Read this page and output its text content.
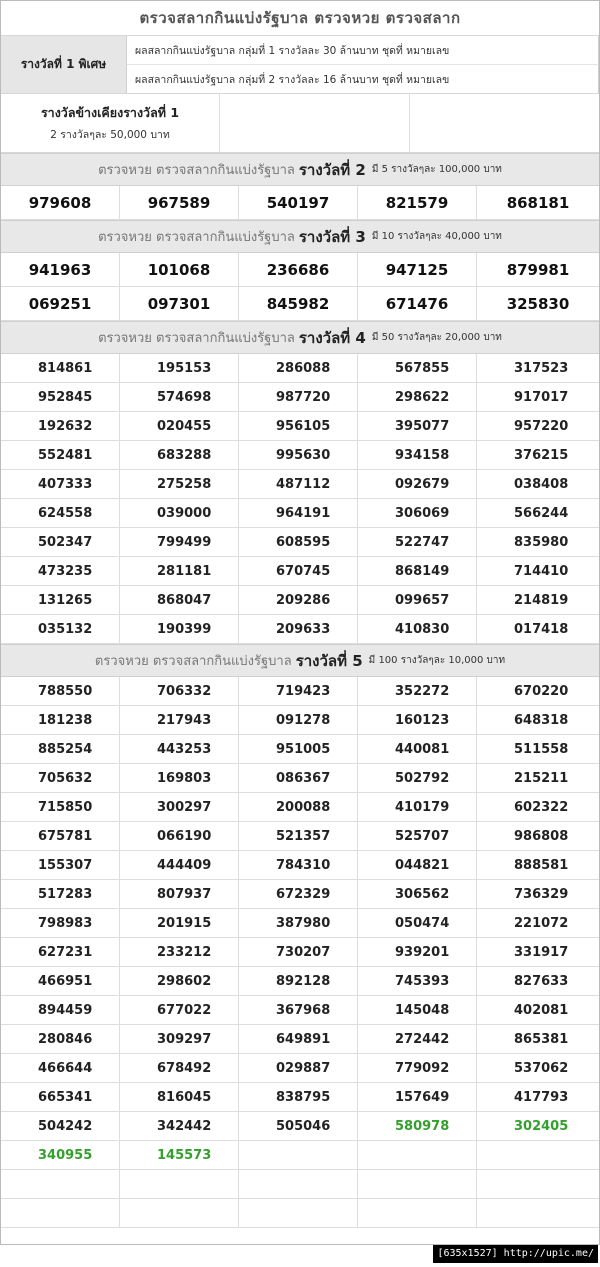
ตรวจสลากกินแบ่งรัฐบาล ตรวจหวย ตรวจสลาก
รางวัลที่ 1 พิเศษ
ผลสลากกินแบ่งรัฐบาล กลุ่มที่ 1 รางวัลละ 30 ล้านบาท ชุดที่ หมายเลข
ผลสลากกินแบ่งรัฐบาล กลุ่มที่ 2 รางวัลละ 16 ล้านบาท ชุดที่ หมายเลข
รางวัลข้างเคียงรางวัลที่ 1
2 รางวัลๆละ 50,000 บาท
ตรวจหวย ตรวจสลากกินแบ่งรัฐบาล รางวัลที่ 2 มี 5 รางวัลๆละ 100,000 บาท
979608	967589	540197	821579	868181
ตรวจหวย ตรวจสลากกินแบ่งรัฐบาล รางวัลที่ 3 มี 10 รางวัลๆละ 40,000 บาท
941963	101068	236686	947125	879981
069251	097301	845982	671476	325830
ตรวจหวย ตรวจสลากกินแบ่งรัฐบาล รางวัลที่ 4 มี 50 รางวัลๆละ 20,000 บาท
814861	195153	286088	567855	317523
952845	574698	987720	298622	917017
192632	020455	956105	395077	957220
552481	683288	995630	934158	376215
407333	275258	487112	092679	038408
624558	039000	964191	306069	566244
502347	799499	608595	522747	835980
473235	281181	670745	868149	714410
131265	868047	209286	099657	214819
035132	190399	209633	410830	017418
ตรวจหวย ตรวจสลากกินแบ่งรัฐบาล รางวัลที่ 5 มี 100 รางวัลๆละ 10,000 บาท
788550	706332	719423	352272	670220
181238	217943	091278	160123	648318
885254	443253	951005	440081	511558
705632	169803	086367	502792	215211
715850	300297	200088	410179	602322
675781	066190	521357	525707	986808
155307	444409	784310	044821	888581
517283	807937	672329	306562	736329
798983	201915	387980	050474	221072
627231	233212	730207	939201	331917
466951	298602	892128	745393	827633
894459	677022	367968	145048	402081
280846	309297	649891	272442	865381
466644	678492	029887	779092	537062
665341	816045	838795	157649	417793
504242	342442	505046	580978	302405
340955	145573
[635x1527] http://upic.me/
